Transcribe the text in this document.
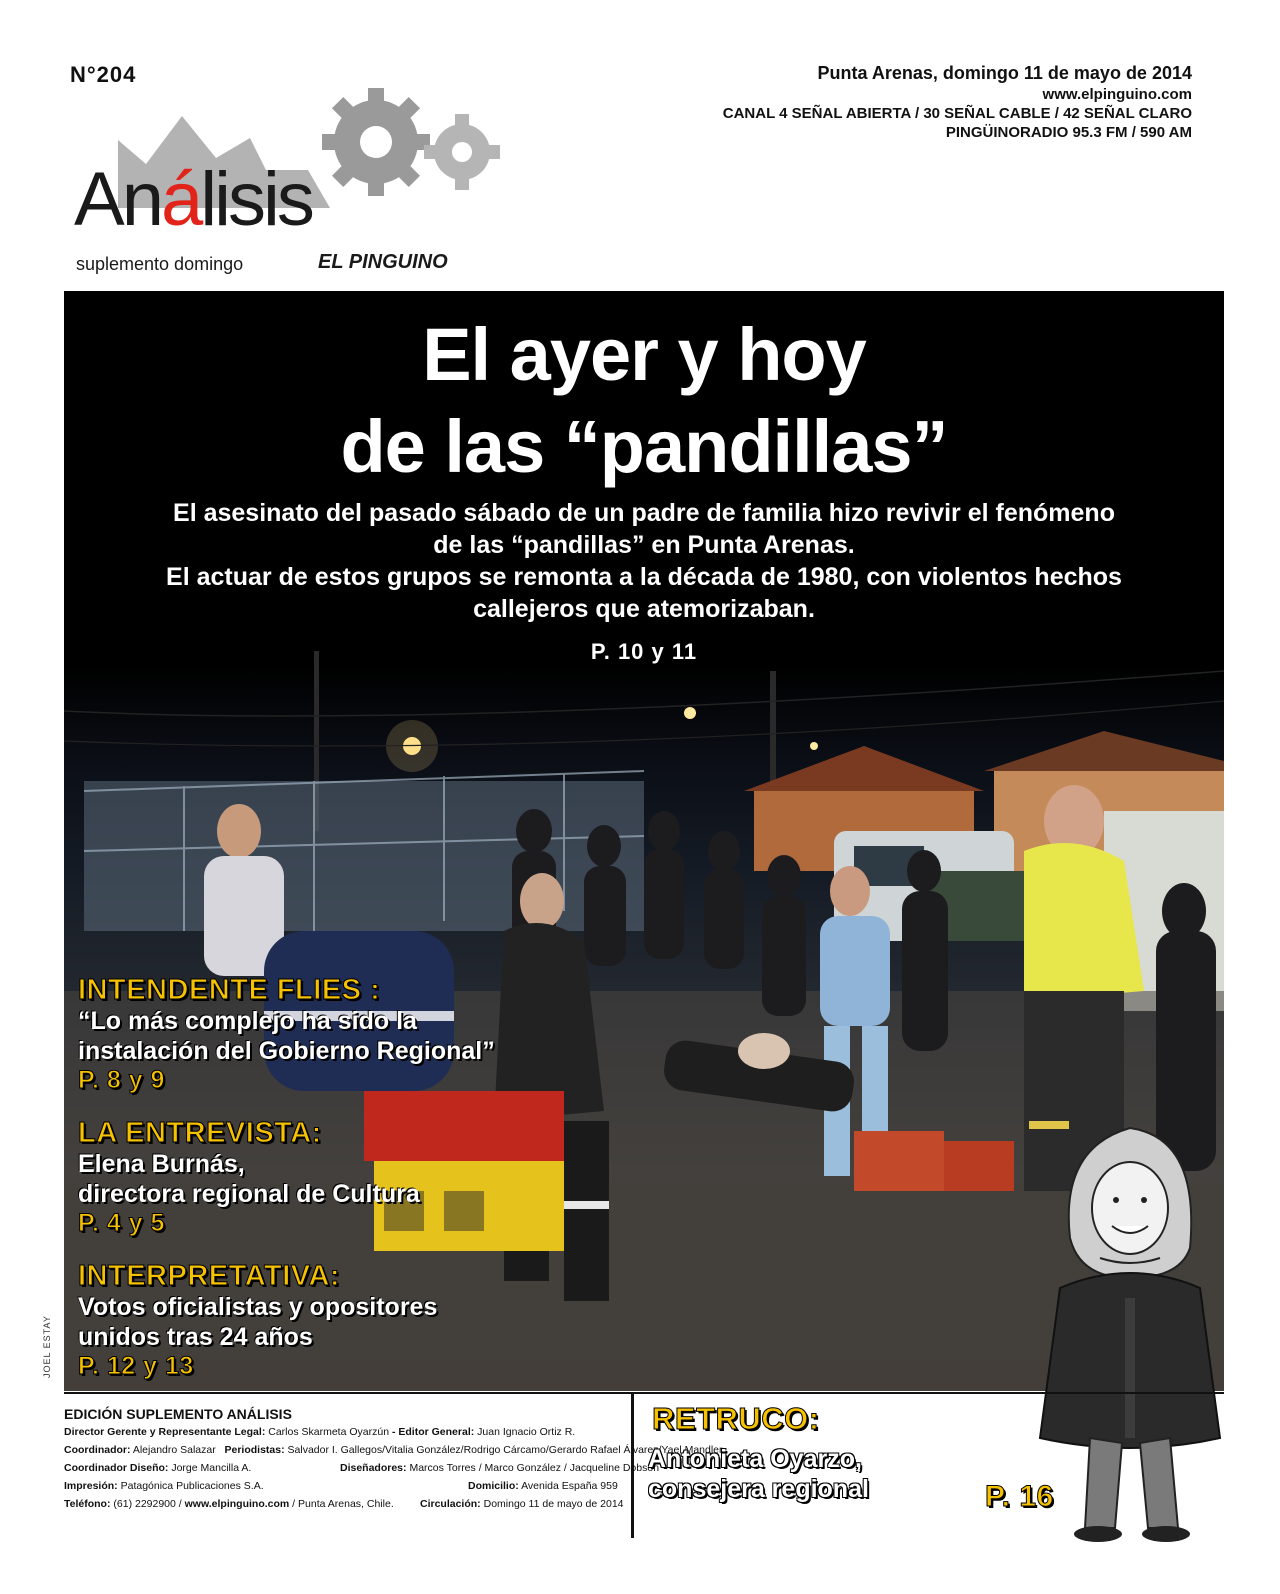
N°204	Punta Arenas, domingo 11 de mayo de 2014
www.elpinguino.com
CANAL 4 SEÑAL ABIERTA / 30 SEÑAL CABLE / 42 SEÑAL CLARO
PINGÜINORADIO 95.3 FM / 590 AM
Análisis
suplemento domingo	EL PINGUINO
El ayer y hoy
de las “pandillas”
El asesinato del pasado sábado de un padre de familia hizo revivir el fenómeno
de las “pandillas” en Punta Arenas.
El actuar de estos grupos se remonta a la década de 1980, con violentos hechos
callejeros que atemorizaban.
P. 10 y 11
INTENDENTE FLIES :
“Lo más complejo ha sido la
instalación del Gobierno Regional”
P. 8 y 9
LA ENTREVISTA:
Elena Burnás,
directora regional de Cultura
P. 4 y 5
INTERPRETATIVA:
Votos oficialistas y opositores
unidos tras 24 años
P. 12 y 13
JOEL ESTAY
EDICIÓN SUPLEMENTO ANÁLISIS
Director Gerente y Representante Legal: Carlos Skarmeta Oyarzún - Editor General: Juan Ignacio Ortiz R.
Coordinador: Alejandro Salazar Periodistas: Salvador I. Gallegos/Vitalia González/Rodrigo Cárcamo/Gerardo Rafael Álvarez/Yael Mandler
Coordinador Diseño: Jorge Mancilla A.	Diseñadores: Marcos Torres / Marco González / Jacqueline Dobson
Impresión: Patagónica Publicaciones S.A.	Domicilio: Avenida España 959
Teléfono: (61) 2292900 / www.elpinguino.com / Punta Arenas, Chile.	Circulación: Domingo 11 de mayo de 2014
RETRUCO:
Antonieta Oyarzo,
consejera regional	P. 16
